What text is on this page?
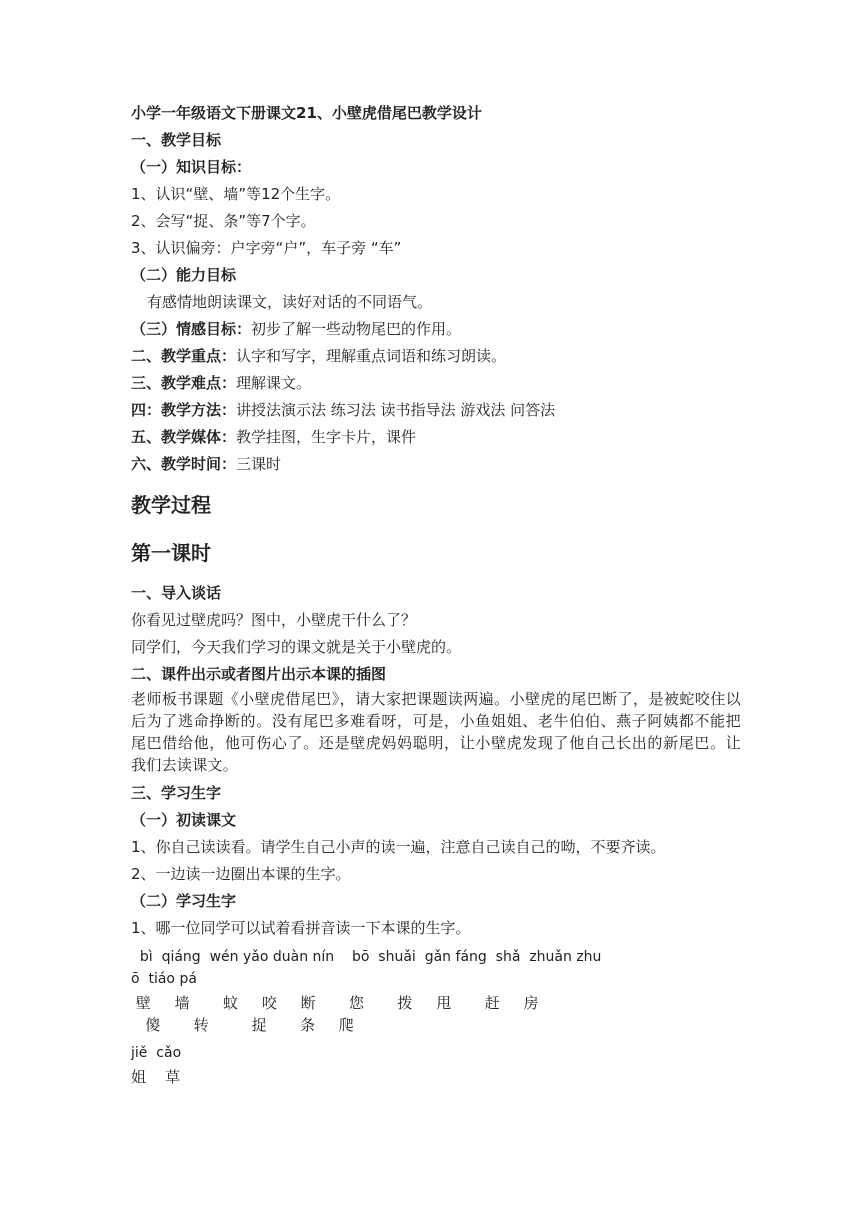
小学一年级语文下册课文21、小壁虎借尾巴教学设计
一、教学目标
（一）知识目标：
1、认识“壁、墙”等12个生字。
2、会写“捉、条”等7个字。
3、认识偏旁：户字旁“户”，车子旁 “车”
（二）能力目标
有感情地朗读课文，读好对话的不同语气。
（三）情感目标：初步了解一些动物尾巴的作用。
二、教学重点：认字和写字，理解重点词语和练习朗读。
三、教学难点：理解课文。
四：教学方法：讲授法演示法 练习法 读书指导法 游戏法 问答法
五、教学媒体：教学挂图，生字卡片，课件
六、教学时间：三课时
教学过程
第一课时
一、导入谈话
你看见过壁虎吗？图中，小壁虎干什么了？
同学们，今天我们学习的课文就是关于小壁虎的。
二、课件出示或者图片出示本课的插图
老师板书课题《小壁虎借尾巴》，请大家把课题读两遍。小壁虎的尾巴断了，是被蛇咬住以后为了逃命挣断的。没有尾巴多难看呀，可是，小鱼姐姐、老牛伯伯、燕子阿姨都不能把尾巴借给他，他可伤心了。还是壁虎妈妈聪明，让小壁虎发现了他自己长出的新尾巴。让我们去读课文。
三、学习生字
（一）初读课文
1、你自己读读看。请学生自己小声的读一遍，注意自己读自己的呦，不要齐读。
2、一边读一边圈出本课的生字。
（二）学习生字
1、哪一位同学可以试着看拼音读一下本课的生字。
bì  qiáng  wén yǎo duàn nín    bō  shuǎi  gǎn fáng  shǎ  zhuǎn zhu
ō  tiáo pá
壁     墙       蚊     咬     断       您       拨     甩       赶     房
傻       转         捉       条     爬
jiě  cǎo
姐    草
